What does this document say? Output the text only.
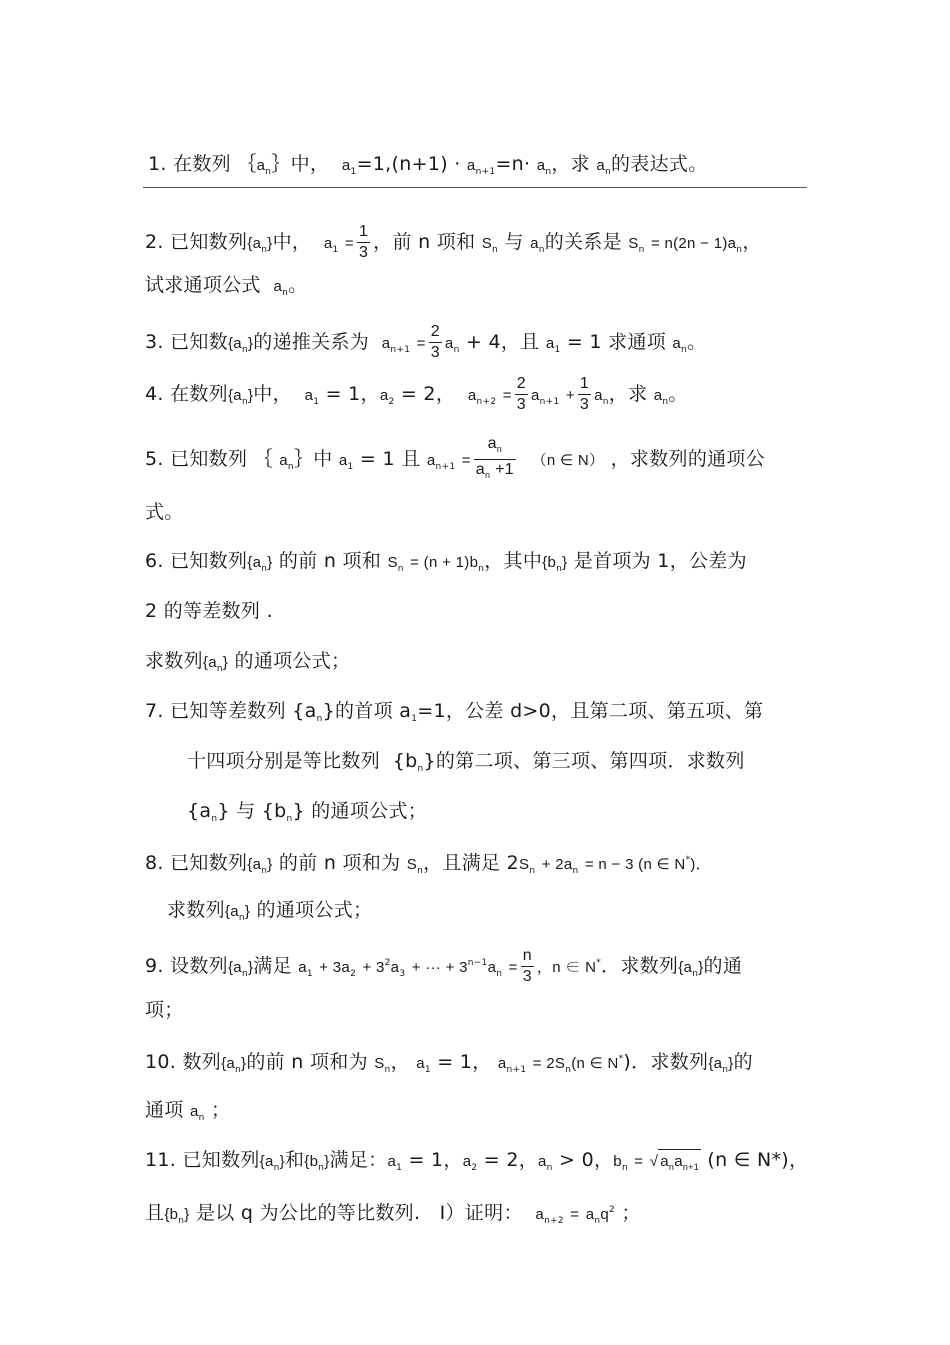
1. 在数列 $\{a_n\}$中， $a_1=1,(n+1) \cdot a_{n+1}=n\cdot a_n$，求 $a_n$的表达式。
2. 已知数列$\{a_n\}$中， $a_1 = \frac{1}{3}$ ，前 n 项和 $S_n$ 与 $a_n$的关系是 $S_n = n(2n - 1)a_n$，
试求通项公式 $a_n$。
3. 已知数$\{a_n\}$的递推关系为 $a_{n+1} = \frac{2}{3} a_n + 4$，且 $a_1 = 1$ 求通项 $a_n$。
4. 在数列$\{a_n\}$中， $a_1 = 1$，$a_2 = 2$， $a_{n+2} = \frac{2}{3} a_{n+1} + \frac{1}{3} a_n$，求 $a_n$。
5. 已知数列 ｛ $a_n\}$中 $a_1 = 1$ 且 $a_{n+1} = \frac{a_n}{a_n +1} (n$ ∈ N） ，求数列的通项公
式。
6. 已知数列$\{a_n\}$ 的前 n 项和 $S_n = (n + 1)b_n$，其中$\{b_n\}$ 是首项为 1，公差为
2 的等差数列 .
求数列$\{a_n\}$ 的通项公式；
7. 已知等差数列 $\{a_n\}$的首项 $a_1=1$，公差 d>0，且第二项、第五项、第
十四项分别是等比数列 $\{b_n\}$的第二项、第三项、第四项．求数列
$\{a_n\}$ 与 $\{b_n\}$ 的通项公式；
8. 已知数列$\{a_n\}$ 的前 n 项和为 $S_n$，且满足 $2S_n + 2a_n = n - 3$ (n ∈ N*)．
求数列$\{a_n\}$ 的通项公式；
9. 设数列$\{a_n\}$满足 $a_1 + 3a_2 + 3^2a_3$ + ··· + $3^{n-1}a_n = \frac{n}{3}$ ，n ∈ N*．求数列$\{a_n\}$的通
项；
10. 数列$\{a_n\}$的前 n 项和为 $S_n$， $a_1 = 1$， $a_{n+1} = 2S_n(n$ ∈ N*)．求数列$\{a_n\}$的
通项 $a_n$ ；
11. 已知数列$\{a_n\}$和$\{b_n\}$满足：$a_1 = 1$，$a_2 = 2$，$a_n > 0$，$b_n$ = √ $a_na_{n+1}$ (n ∈ N*)，
且$\{b_n\}$ 是以 q 为公比的等比数列.　I）证明： $a_{n+2} = a_nq^2$ ；
